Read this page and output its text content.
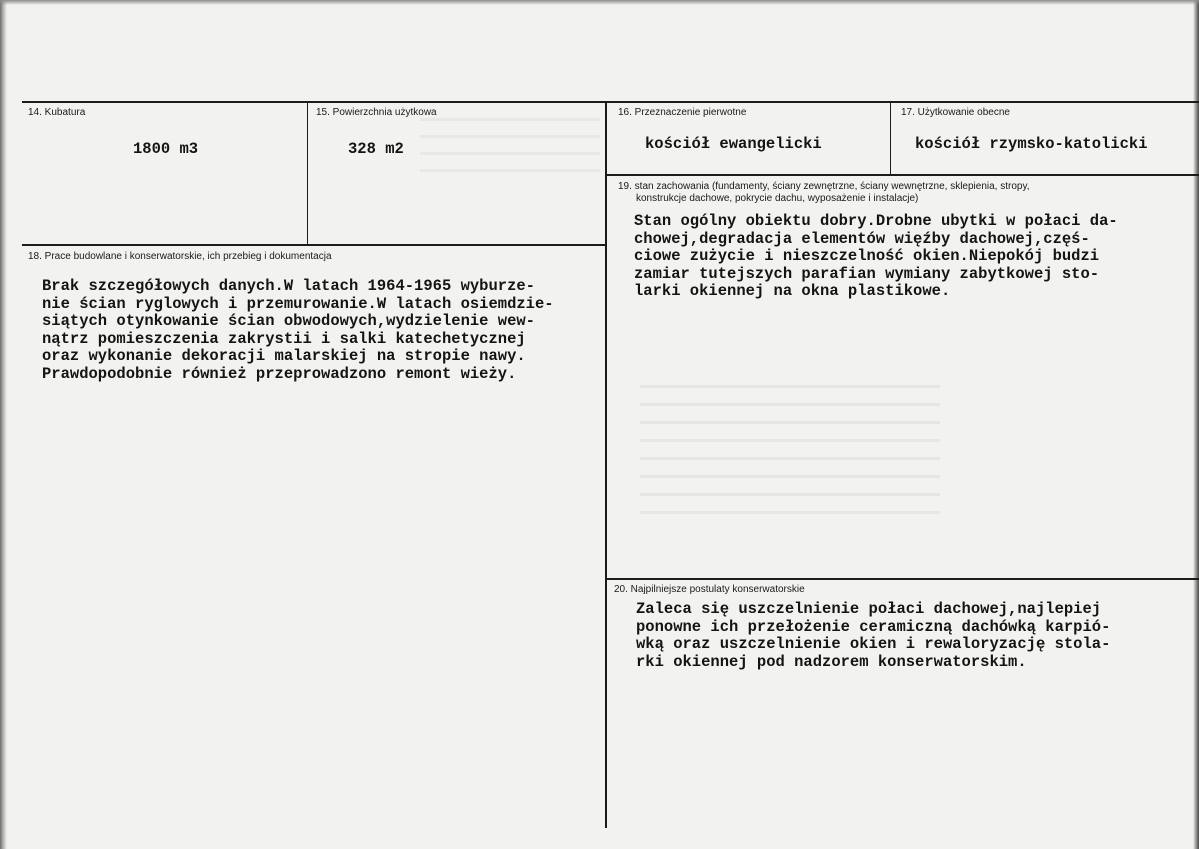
14. Kubatura
1800 m3
15. Powierzchnia użytkowa
328 m2
16. Przeznaczenie pierwotne
kościół ewangelicki
17. Użytkowanie obecne
kościół rzymsko-katolicki
18. Prace budowlane i konserwatorskie, ich przebieg i dokumentacja
Brak szczegółowych danych.W latach 1964-1965 wyburze-
nie ścian ryglowych i przemurowanie.W latach osiemdzie-
siątych otynkowanie ścian obwodowych,wydzielenie wew-
nątrz pomieszczenia zakrystii i salki katechetycznej
oraz wykonanie dekoracji malarskiej na stropie nawy.
Prawdopodobnie również przeprowadzono remont wieży.
19. stan zachowania (fundamenty, ściany zewnętrzne, ściany wewnętrzne, sklepienia, stropy,
konstrukcje dachowe, pokrycie dachu, wyposażenie i instalacje)
Stan ogólny obiektu dobry.Drobne ubytki w połaci da-
chowej,degradacja elementów więźby dachowej,częś-
ciowe zużycie i nieszczelność okien.Niepokój budzi
zamiar tutejszych parafian wymiany zabytkowej sto-
larki okiennej na okna plastikowe.
20. Najpilniejsze postulaty konserwatorskie
Zaleca się uszczelnienie połaci dachowej,najlepiej
ponowne ich przełożenie ceramiczną dachówką karpió-
wką oraz uszczelnienie okien i rewaloryzację stola-
rki okiennej pod nadzorem konserwatorskim.
